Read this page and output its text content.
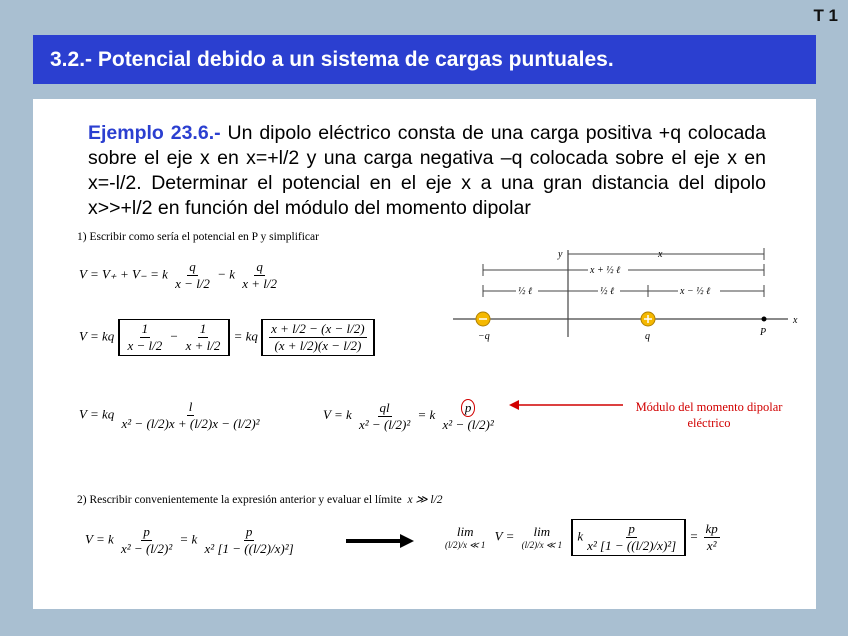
T 1
3.2.- Potencial debido a un sistema de cargas puntuales.
Ejemplo 23.6.- Un dipolo eléctrico consta de una carga positiva +q colocada sobre el eje x en x=+l/2 y una carga negativa –q colocada sobre el eje x en x=-l/2. Determinar el potencial en el eje x a una gran distancia del dipolo x>>+l/2 en función del módulo del momento dipolar
1) Escribir como sería el potencial en P y simplificar
V = V₊ + V₋ = k $\frac{q}{x - l/2} - k \frac{q}{x + l/2}$
V = kq $\frac{1}{x - l/2} - \frac{1}{x + l/2}$ = kq $\frac{x + l/2 - (x - l/2)}{(x + l/2)(x - l/2)}$
V = kq $\frac{l}{\text{x² − (l/2)x + (l/2)x − (l/2)²}}$	V = k $\frac{ql}{\text{x² − (l/2)²}} = k \frac{p}{\text{x² − (l/2)²}}$	Módulo del momento dipolar eléctrico
2) Rescribir convenientemente la expresión anterior y evaluar el límite x ≫ l/2
V = k $\frac{p}{\text{x² − (l/2)²}} = k \frac{p}{\text{x² [1 − ((l/2)/x)²]}}$	lim
(l/2)/x ≪ 1
V = lim
(l/2)/x ≪ 1
k $\frac{p}{\text{x² [1 − ((l/2)/x)²]}} = \frac{kp}{\text{x²}}$
y
x
x
x + ½ ℓ
½ ℓ	½ ℓ	x − ½ ℓ
−q	q	P
